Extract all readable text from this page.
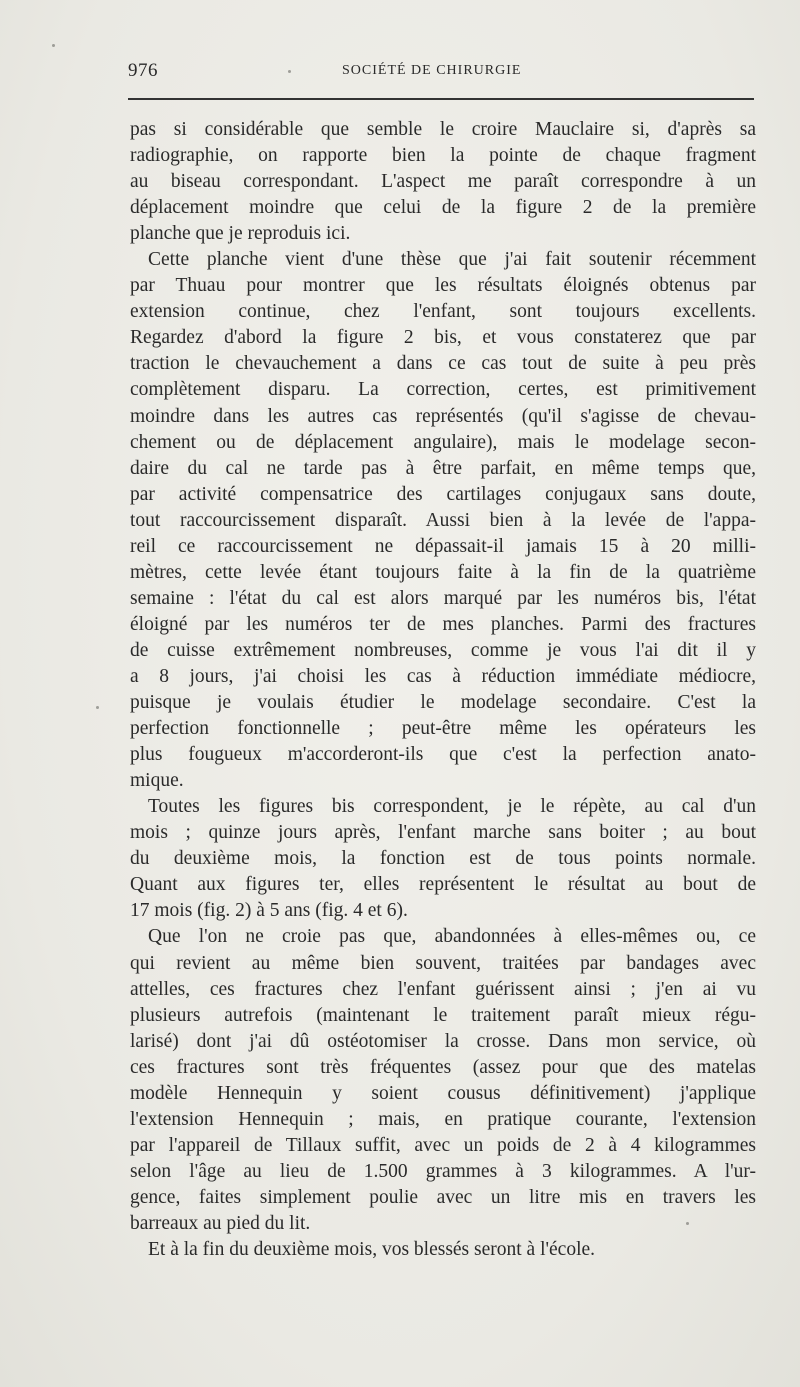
976	SOCIÉTÉ DE CHIRURGIE
pas si considérable que semble le croire Mauclaire si, d'après sa
radiographie, on rapporte bien la pointe de chaque fragment
au biseau correspondant. L'aspect me paraît correspondre à un
déplacement moindre que celui de la figure 2 de la première
planche que je reproduis ici.
Cette planche vient d'une thèse que j'ai fait soutenir récemment
par Thuau pour montrer que les résultats éloignés obtenus par
extension continue, chez l'enfant, sont toujours excellents.
Regardez d'abord la figure 2 bis, et vous constaterez que par
traction le chevauchement a dans ce cas tout de suite à peu près
complètement disparu. La correction, certes, est primitivement
moindre dans les autres cas représentés (qu'il s'agisse de chevau-
chement ou de déplacement angulaire), mais le modelage secon-
daire du cal ne tarde pas à être parfait, en même temps que,
par activité compensatrice des cartilages conjugaux sans doute,
tout raccourcissement disparaît. Aussi bien à la levée de l'appa-
reil ce raccourcissement ne dépassait-il jamais 15 à 20 milli-
mètres, cette levée étant toujours faite à la fin de la quatrième
semaine : l'état du cal est alors marqué par les numéros bis, l'état
éloigné par les numéros ter de mes planches. Parmi des fractures
de cuisse extrêmement nombreuses, comme je vous l'ai dit il y
a 8 jours, j'ai choisi les cas à réduction immédiate médiocre,
puisque je voulais étudier le modelage secondaire. C'est la
perfection fonctionnelle ; peut-être même les opérateurs les
plus fougueux m'accorderont-ils que c'est la perfection anato-
mique.
Toutes les figures bis correspondent, je le répète, au cal d'un
mois ; quinze jours après, l'enfant marche sans boiter ; au bout
du deuxième mois, la fonction est de tous points normale.
Quant aux figures ter, elles représentent le résultat au bout de
17 mois (fig. 2) à 5 ans (fig. 4 et 6).
Que l'on ne croie pas que, abandonnées à elles-mêmes ou, ce
qui revient au même bien souvent, traitées par bandages avec
attelles, ces fractures chez l'enfant guérissent ainsi ; j'en ai vu
plusieurs autrefois (maintenant le traitement paraît mieux régu-
larisé) dont j'ai dû ostéotomiser la crosse. Dans mon service, où
ces fractures sont très fréquentes (assez pour que des matelas
modèle Hennequin y soient cousus définitivement) j'applique
l'extension Hennequin ; mais, en pratique courante, l'extension
par l'appareil de Tillaux suffit, avec un poids de 2 à 4 kilogrammes
selon l'âge au lieu de 1.500 grammes à 3 kilogrammes. A l'ur-
gence, faites simplement poulie avec un litre mis en travers les
barreaux au pied du lit.
Et à la fin du deuxième mois, vos blessés seront à l'école.
